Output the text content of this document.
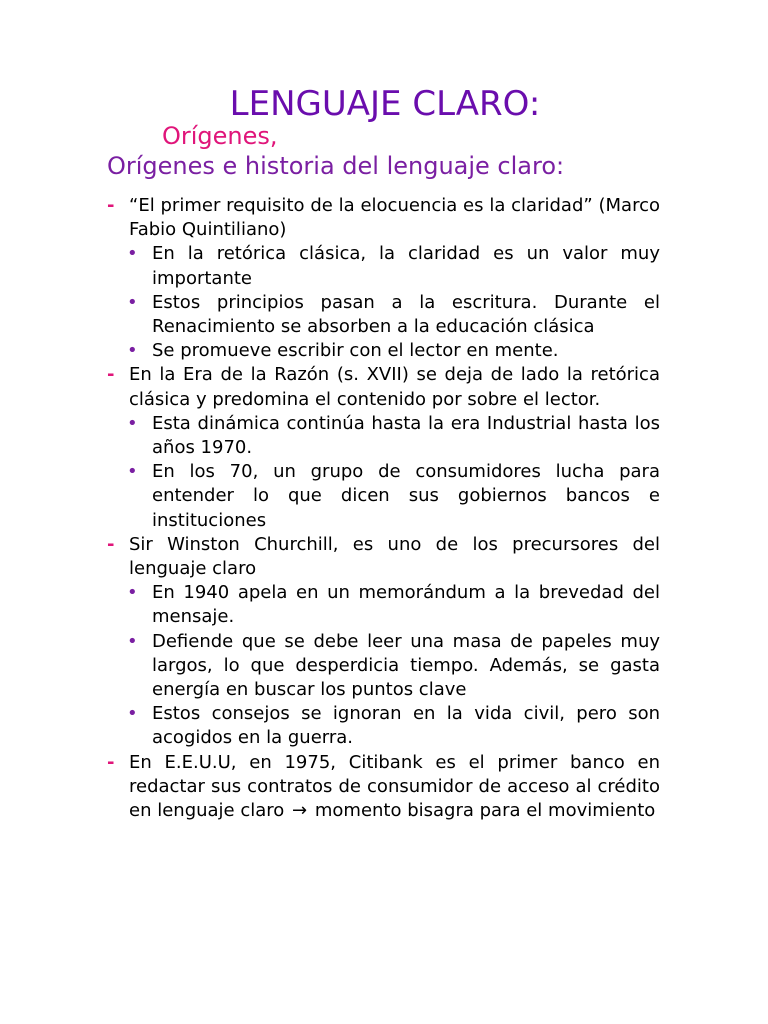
LENGUAJE CLARO:
Orígenes,
Orígenes e historia del lenguaje claro:
- “El primer requisito de la elocuencia es la claridad” (Marco Fabio Quintiliano)
• En la retórica clásica, la claridad es un valor muy importante
• Estos principios pasan a la escritura. Durante el Renacimiento se absorben a la educación clásica
• Se promueve escribir con el lector en mente.
- En la Era de la Razón (s. XVII) se deja de lado la retórica clásica y predomina el contenido por sobre el lector.
• Esta dinámica continúa hasta la era Industrial hasta los años 1970.
• En los 70, un grupo de consumidores lucha para entender lo que dicen sus gobiernos bancos e instituciones
- Sir Winston Churchill, es uno de los precursores del lenguaje claro
• En 1940 apela en un memorándum a la brevedad del mensaje.
• Defiende que se debe leer una masa de papeles muy largos, lo que desperdicia tiempo. Además, se gasta energía en buscar los puntos clave
• Estos consejos se ignoran en la vida civil, pero son acogidos en la guerra.
- En E.E.U.U, en 1975, Citibank es el primer banco en redactar sus contratos de consumidor de acceso al crédito en lenguaje claro → momento bisagra para el movimiento
